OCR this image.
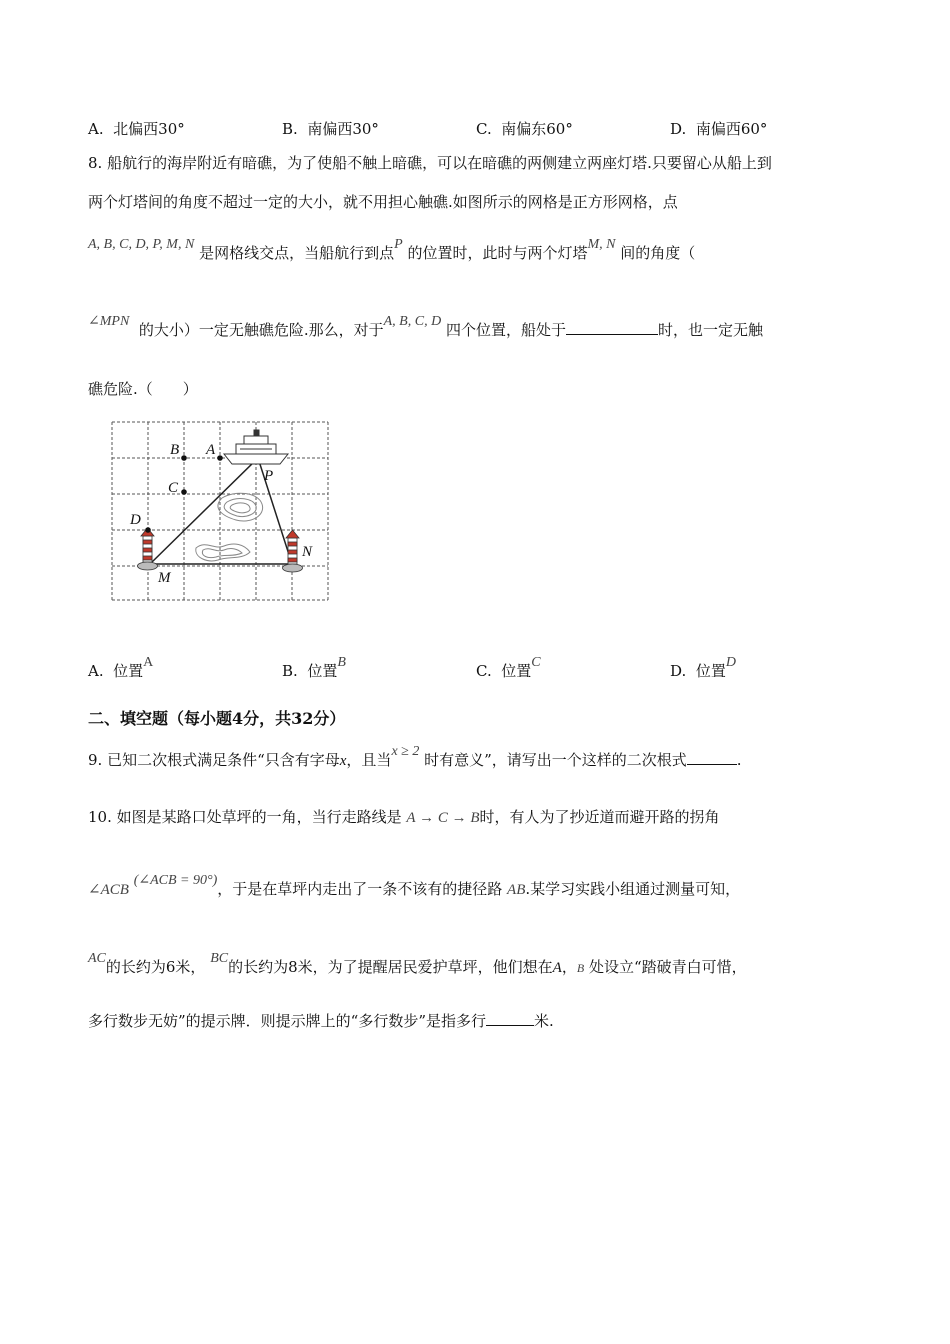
A. 北偏西30°	B. 南偏西30°	C. 南偏东60°	D. 南偏西60°
8. 船航行的海岸附近有暗礁，为了使船不触上暗礁，可以在暗礁的两侧建立两座灯塔.只要留心从船上到
两个灯塔间的角度不超过一定的大小，就不用担心触礁.如图所示的网格是正方形网格，点
A, B, C, D, P, M, N 是网格线交点，当船航行到点P 的位置时，此时与两个灯塔M, N 间的角度（
∠MPN 的大小）一定无触礁危险.那么，对于A, B, C, D 四个位置，船处于	时，也一定无触
礁危险.（　　）
B A
C
D
P
M
N
A. 位置A	B. 位置B	C. 位置C	D. 位置D
二、填空题（每小题4分，共32分）
9. 已知二次根式满足条件“只含有字母x，且当x ≥ 2 时有意义”，请写出一个这样的二次根式	.
10. 如图是某路口处草坪的一角，当行走路线是 A → C → B时，有人为了抄近道而避开路的拐角
∠ACB (∠ACB = 90°)，于是在草坪内走出了一条不该有的捷径路 AB.某学习实践小组通过测量可知，
AC的长约为6米， BC的长约为8米，为了提醒居民爱护草坪，他们想在A，B 处设立“踏破青白可惜，
多行数步无妨”的提示牌．则提示牌上的“多行数步”是指多行	米.
